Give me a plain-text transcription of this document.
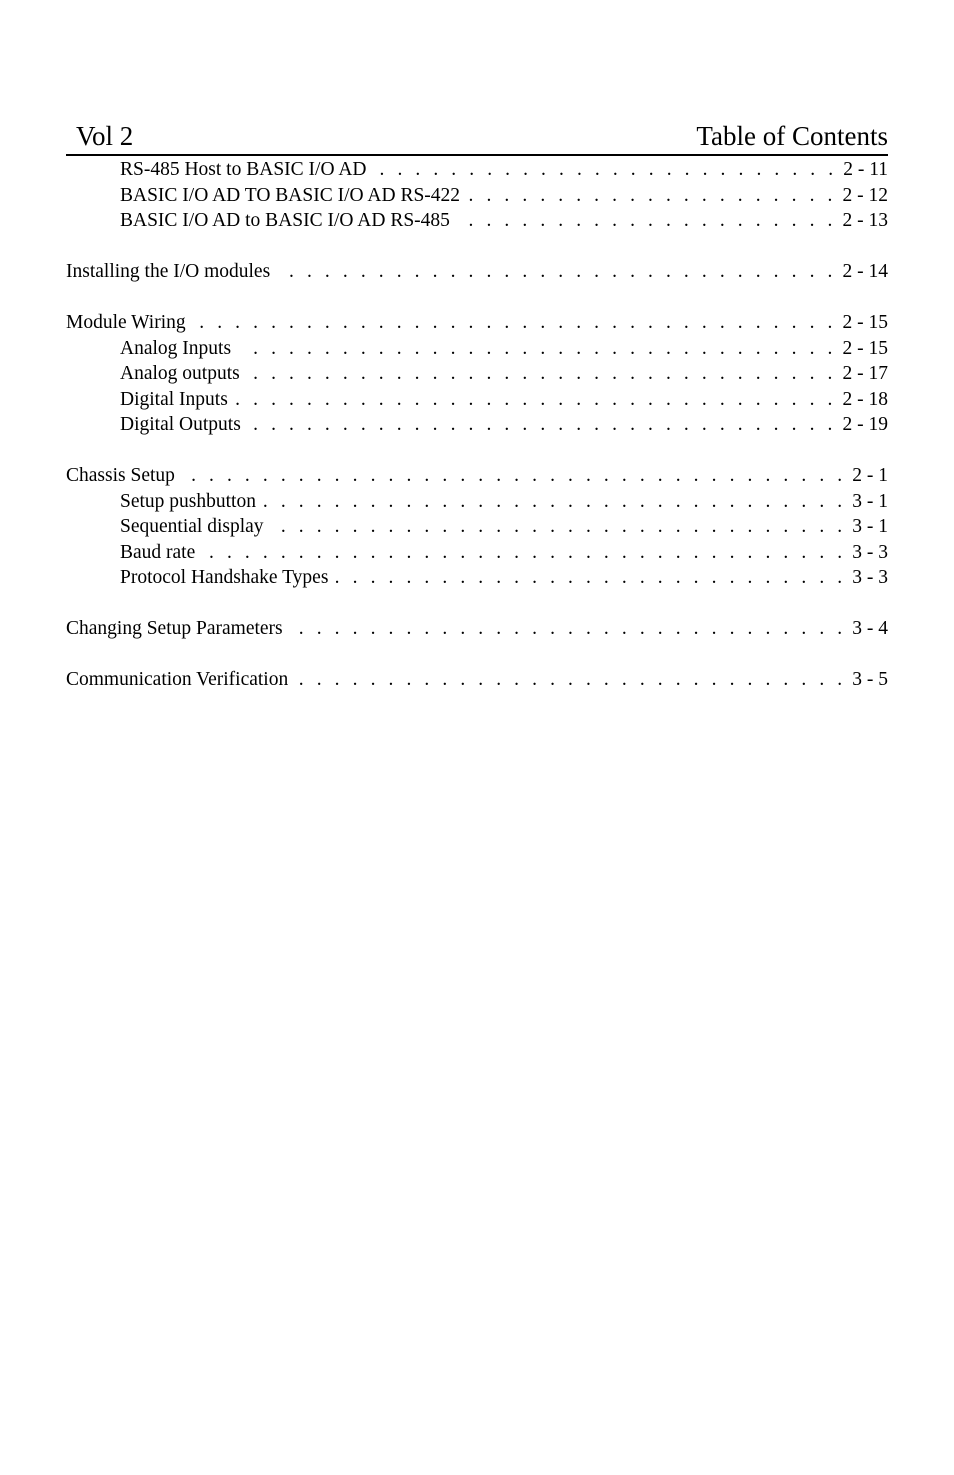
Vol 2	Table of Contents
RS-485 Host to BASIC I/O AD . . .	2 - 11
BASIC I/O AD TO BASIC I/O AD RS-422 . . .	2 - 12
BASIC I/O AD to BASIC I/O AD RS-485 . . .	2 - 13
Installing the I/O modules . . .	2 - 14
Module Wiring . . .	2 - 15
Analog Inputs . . .	2 - 15
Analog outputs . . .	2 - 17
Digital Inputs . . .	2 - 18
Digital Outputs . . .	2 - 19
Chassis Setup . . .	2 - 1
Setup pushbutton . . .	3 - 1
Sequential display . . .	3 - 1
Baud rate . . .	3 - 3
Protocol Handshake Types . . .	3 - 3
Changing Setup Parameters . . .	3 - 4
Communication Verification . . .	3 - 5
